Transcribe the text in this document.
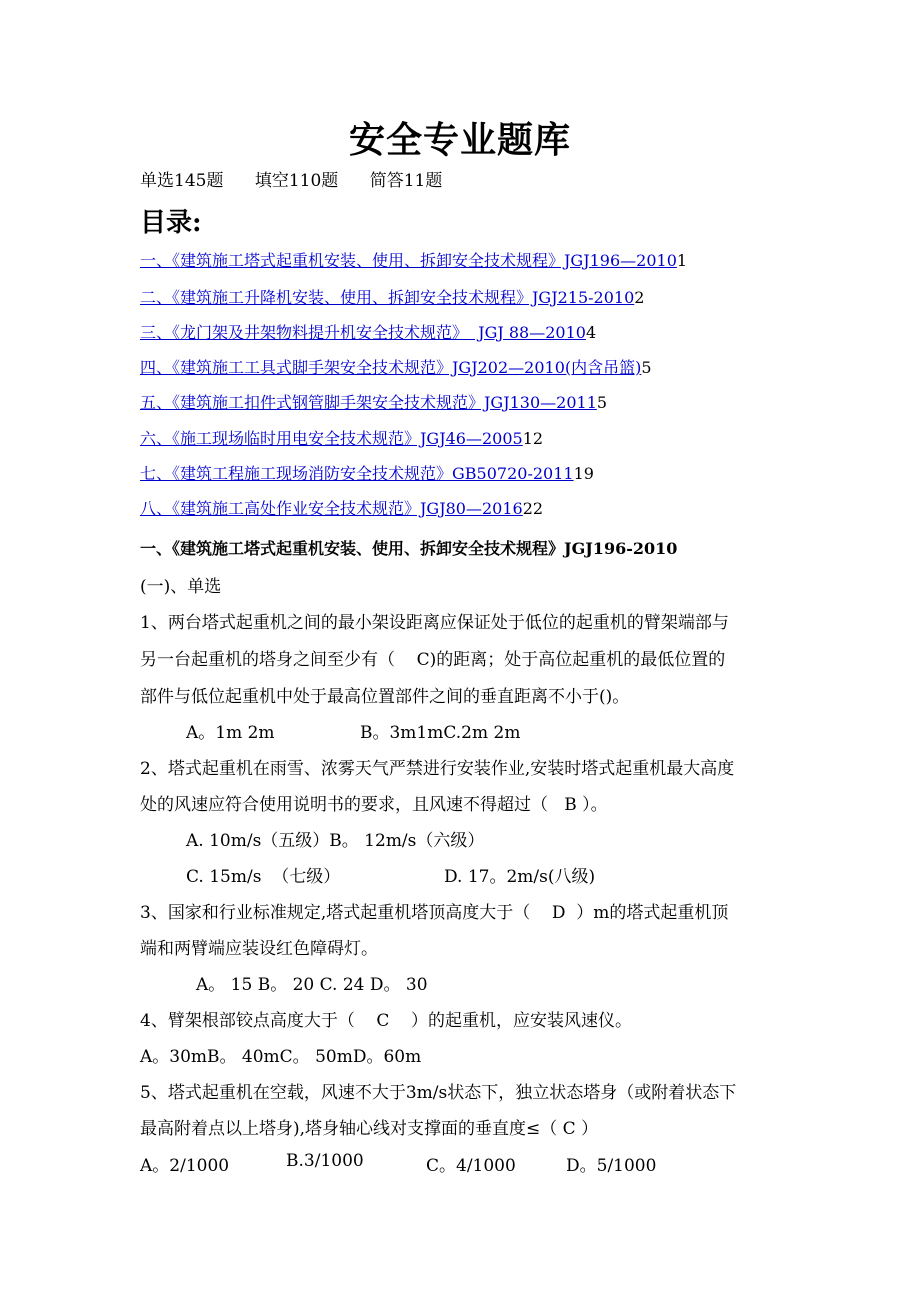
安全专业题库
单选145题 填空110题 简答11题
目录:
一、《建筑施工塔式起重机安装、使用、拆卸安全技术规程》JGJ196—20101
二、《建筑施工升降机安装、使用、拆卸安全技术规程》JGJ215-20102
三、《龙门架及井架物料提升机安全技术规范》  JGJ 88—20104
四、《建筑施工工具式脚手架安全技术规范》JGJ202—2010(内含吊篮)5
五、《建筑施工扣件式钢管脚手架安全技术规范》JGJ130—20115
六、《施工现场临时用电安全技术规范》JGJ46—200512
七、《建筑工程施工现场消防安全技术规范》GB50720-201119
八、《建筑施工高处作业安全技术规范》JGJ80—201622
一、《建筑施工塔式起重机安装、使用、拆卸安全技术规程》JGJ196-2010
(一)、单选
1、两台塔式起重机之间的最小架设距离应保证处于低位的起重机的臂架端部与
另一台起重机的塔身之间至少有（    C)的距离；处于高位起重机的最低位置的
部件与低位起重机中处于最高位置部件之间的垂直距离不小于()。
A。1m 2m	B。3m1mC.2m 2m
2、塔式起重机在雨雪、浓雾天气严禁进行安装作业,安装时塔式起重机最大高度
处的风速应符合使用说明书的要求，且风速不得超过（   B ）。
A. 10m/s（五级）B。 12m/s（六级）
C. 15m/s  （七级）	D. 17。2m/s(八级)
3、国家和行业标准规定,塔式起重机塔顶高度大于（    D  ）m的塔式起重机顶
端和两臂端应装设红色障碍灯。
A。 15 B。 20 C. 24 D。 30
4、臂架根部铰点高度大于（    C    ）的起重机，应安装风速仪。
A。30mB。 40mC。 50mD。60m
5、塔式起重机在空载，风速不大于3m/s状态下，独立状态塔身（或附着状态下
最高附着点以上塔身),塔身轴心线对支撑面的垂直度≤（ C ）
A。2/1000	B.3/1000	C。4/1000	D。5/1000
